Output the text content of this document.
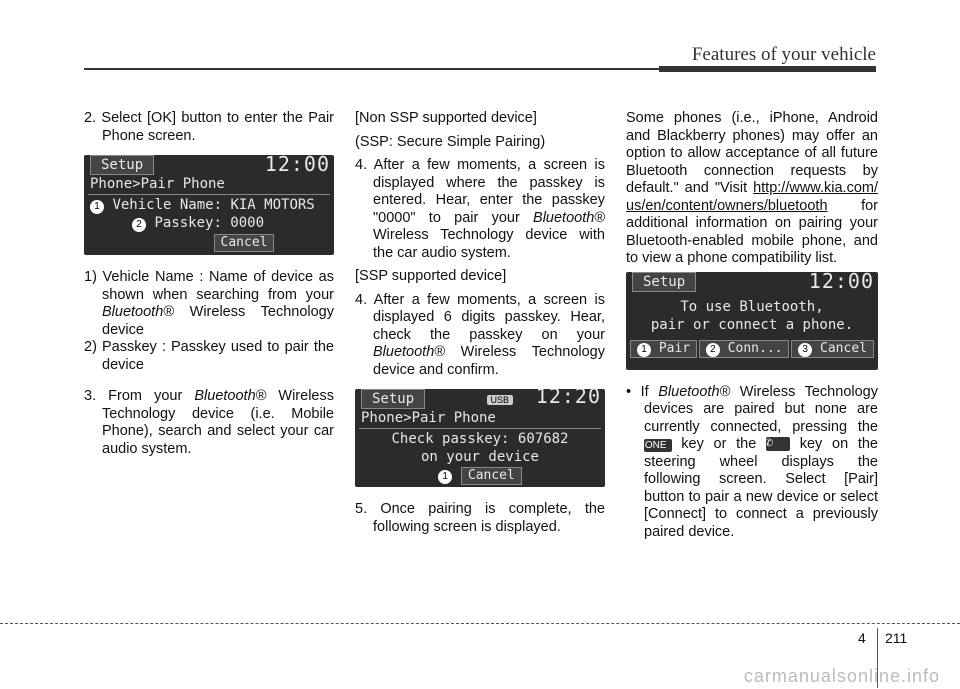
Features of your vehicle

2. Select [OK] button to enter the Pair Phone screen.

Setup	12:00
Phone>Pair Phone
1 Vehicle Name: KIA MOTORS
2 Passkey: 0000
Cancel

1) Vehicle Name : Name of device as shown when searching from your Bluetooth® Wireless Technology device

2) Passkey : Passkey used to pair the device

3. From your Bluetooth® Wireless Technology device (i.e. Mobile Phone), search and select your car audio system.

[Non SSP supported device]

(SSP: Secure Simple Pairing)

4. After a few moments, a screen is displayed where the passkey is entered. Hear, enter the passkey "0000" to pair your Bluetooth® Wireless Technology device with the car audio system.

[SSP supported device]

4. After a few moments, a screen is displayed 6 digits passkey. Hear, check the passkey on your Bluetooth® Wireless Technology device and confirm.

Setup	USB 12:20
Phone>Pair Phone
Check passkey: 607682
on your device
1 Cancel

5. Once pairing is complete, the following screen is displayed.

Some phones (i.e., iPhone, Android and Blackberry phones) may offer an option to allow acceptance of all future Bluetooth connection requests by default." and "Visit http://www.kia.com/us/en/content/owners/bluetooth for additional information on pairing your Bluetooth-enabled mobile phone, and to view a phone compatibility list.

Setup	12:00
To use Bluetooth,
pair or connect a phone.
1 Pair	2 Conn...	3 Cancel

• If Bluetooth® Wireless Technology devices are paired but none are currently connected, pressing the PHONE key or the ✆ key on the steering wheel displays the following screen. Select [Pair] button to pair a new device or select [Connect] to connect a previously paired device.

4 211
carmanualsonline.info
